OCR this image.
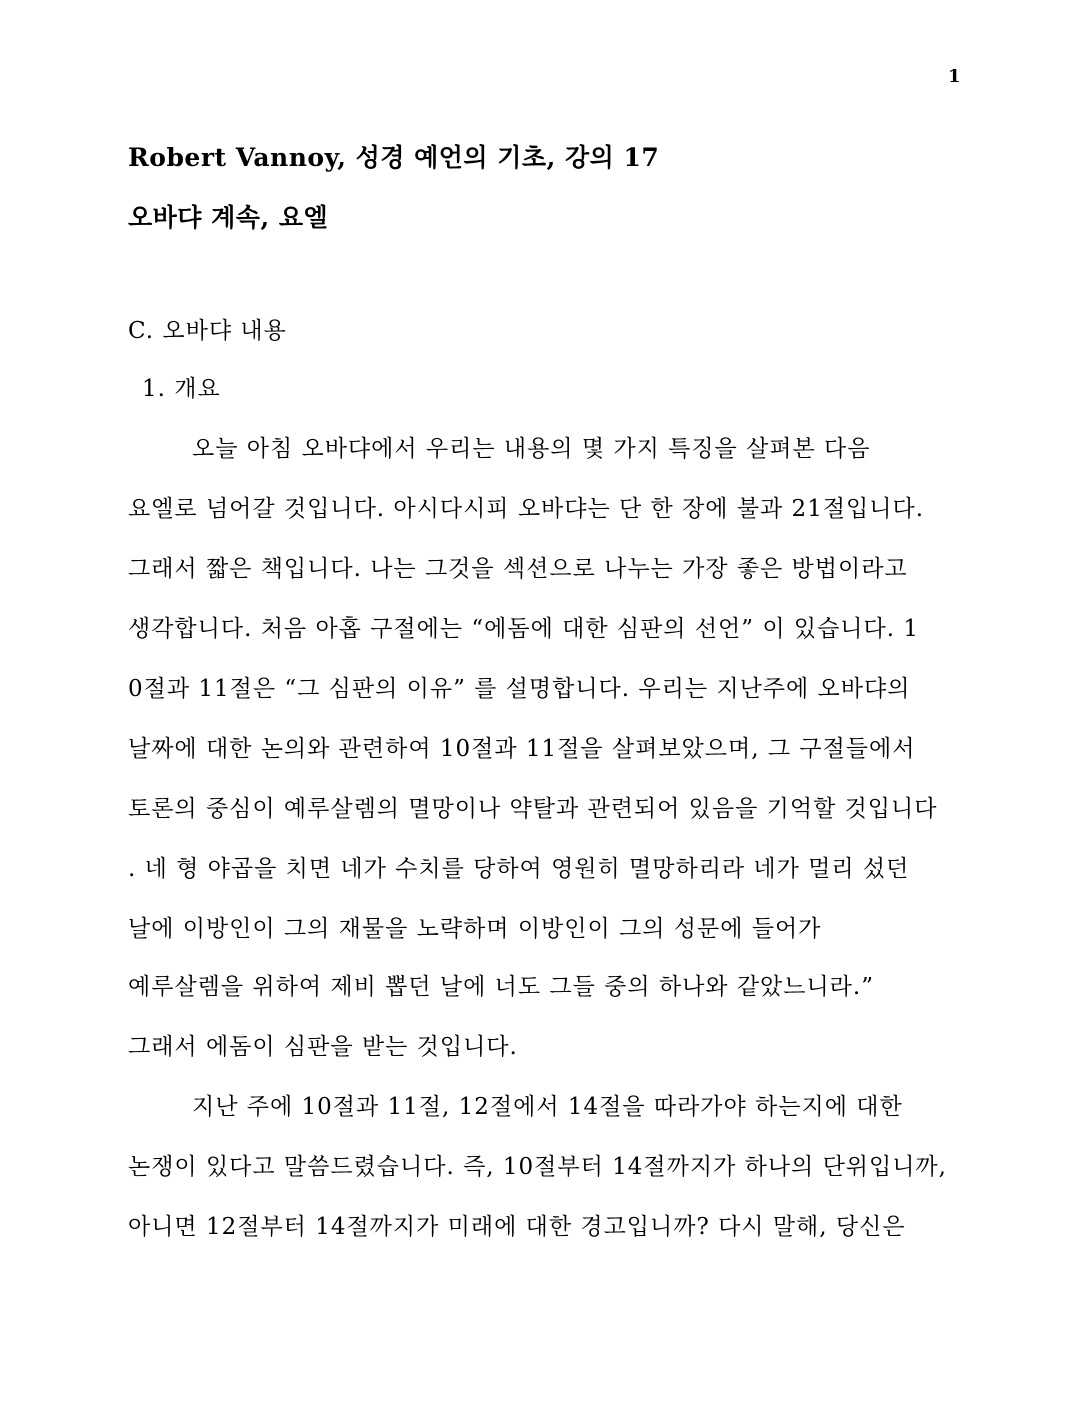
1
Robert Vannoy, 성경 예언의 기초, 강의 17
오바댜 계속, 요엘
C. 오바댜 내용
1. 개요
오늘 아침 오바댜에서 우리는 내용의 몇 가지 특징을 살펴본 다음
요엘로 넘어갈 것입니다. 아시다시피 오바댜는 단 한 장에 불과 21절입니다.
그래서 짧은 책입니다. 나는 그것을 섹션으로 나누는 가장 좋은 방법이라고
생각합니다. 처음 아홉 구절에는 “에돔에 대한 심판의 선언” 이 있습니다. 1
0절과 11절은 “그 심판의 이유” 를 설명합니다. 우리는 지난주에 오바댜의
날짜에 대한 논의와 관련하여 10절과 11절을 살펴보았으며, 그 구절들에서
토론의 중심이 예루살렘의 멸망이나 약탈과 관련되어 있음을 기억할 것입니다
. 네 형 야곱을 치면 네가 수치를 당하여 영원히 멸망하리라 네가 멀리 섰던
날에 이방인이 그의 재물을 노략하며 이방인이 그의 성문에 들어가
예루살렘을 위하여 제비 뽑던 날에 너도 그들 중의 하나와 같았느니라.”
그래서 에돔이 심판을 받는 것입니다.
지난 주에 10절과 11절, 12절에서 14절을 따라가야 하는지에 대한
논쟁이 있다고 말씀드렸습니다. 즉, 10절부터 14절까지가 하나의 단위입니까,
아니면 12절부터 14절까지가 미래에 대한 경고입니까? 다시 말해, 당신은
